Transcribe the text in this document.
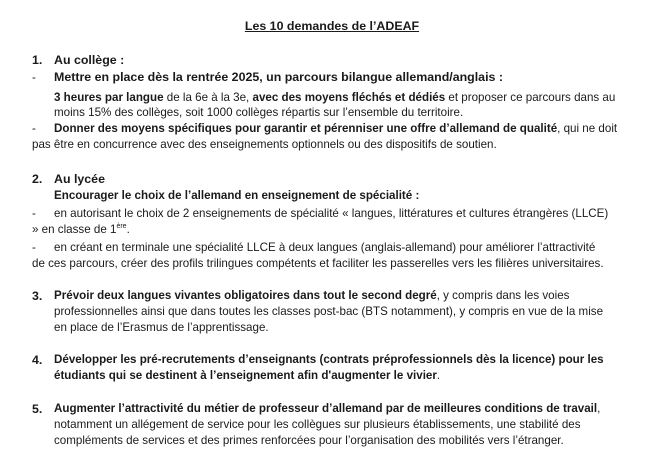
Les 10 demandes de l’ADEAF
1. Au collège :
- Mettre en place dès la rentrée 2025, un parcours bilangue allemand/anglais :
3 heures par langue de la 6e à la 3e, avec des moyens fléchés et dédiés et proposer ce parcours dans au
moins 15% des collèges, soit 1000 collèges répartis sur l’ensemble du territoire.
- Donner des moyens spécifiques pour garantir et pérenniser une offre d’allemand de qualité, qui ne doit
pas être en concurrence avec des enseignements optionnels ou des dispositifs de soutien.
2. Au lycée
Encourager le choix de l’allemand en enseignement de spécialité :
- en autorisant le choix de 2 enseignements de spécialité « langues, littératures et cultures étrangères (LLCE)
» en classe de 1ère.
- en créant en terminale une spécialité LLCE à deux langues (anglais-allemand) pour améliorer l’attractivité
de ces parcours, créer des profils trilingues compétents et faciliter les passerelles vers les filières universitaires.
3. Prévoir deux langues vivantes obligatoires dans tout le second degré, y compris dans les voies
professionnelles ainsi que dans toutes les classes post-bac (BTS notamment), y compris en vue de la mise
en place de l’Erasmus de l’apprentissage.
4. Développer les pré-recrutements d’enseignants (contrats préprofessionnels dès la licence) pour les
étudiants qui se destinent à l’enseignement afin d'augmenter le vivier.
5. Augmenter l’attractivité du métier de professeur d’allemand par de meilleures conditions de travail,
notamment un allégement de service pour les collègues sur plusieurs établissements, une stabilité des
compléments de services et des primes renforcées pour l’organisation des mobilités vers l’étranger.
